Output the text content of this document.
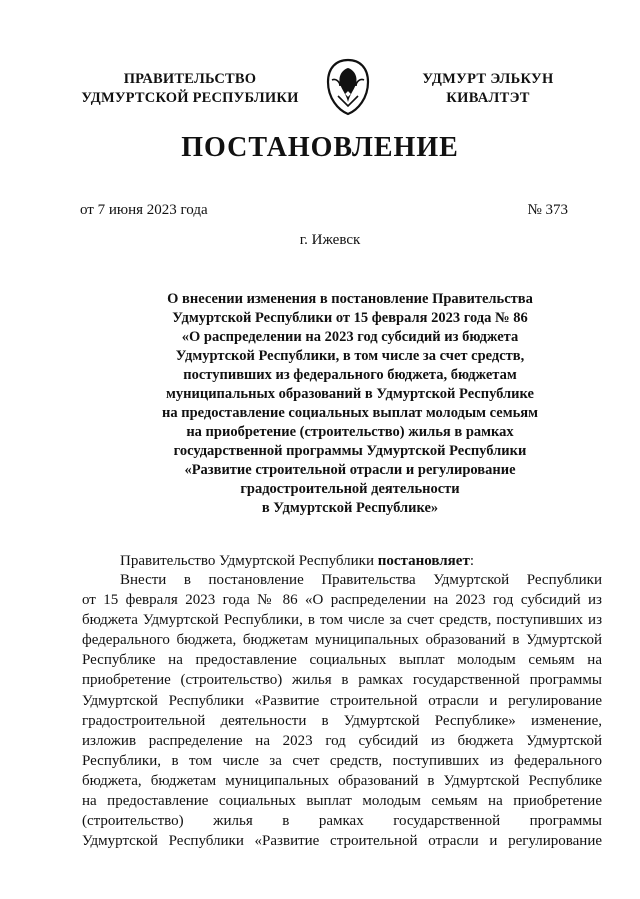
ПРАВИТЕЛЬСТВО
УДМУРТСКОЙ РЕСПУБЛИКИ
УДМУРТ ЭЛЬКУН
КИВАЛТЭТ
ПОСТАНОВЛЕНИЕ
от 7 июня 2023 года	№ 373
г. Ижевск
О внесении изменения в постановление Правительства
Удмуртской Республики от 15 февраля 2023 года № 86
«О распределении на 2023 год субсидий из бюджета
Удмуртской Республики, в том числе за счет средств,
поступивших из федерального бюджета, бюджетам
муниципальных образований в Удмуртской Республике
на предоставление социальных выплат молодым семьям
на приобретение (строительство) жилья в рамках
государственной программы Удмуртской Республики
«Развитие строительной отрасли и регулирование
градостроительной деятельности
в Удмуртской Республике»
Правительство Удмуртской Республики постановляет:
Внести в постановление Правительства Удмуртской Республики
от 15 февраля 2023 года № 86 «О распределении на 2023 год субсидий из
бюджета Удмуртской Республики, в том числе за счет средств, поступивших из
федерального бюджета, бюджетам муниципальных образований в Удмуртской
Республике на предоставление социальных выплат молодым семьям на
приобретение (строительство) жилья в рамках государственной программы
Удмуртской Республики «Развитие строительной отрасли и регулирование
градостроительной деятельности в Удмуртской Республике» изменение,
изложив распределение на 2023 год субсидий из бюджета Удмуртской
Республики, в том числе за счет средств, поступивших из федерального
бюджета, бюджетам муниципальных образований в Удмуртской Республике
на предоставление социальных выплат молодым семьям на приобретение
(строительство) жилья в рамках государственной программы
Удмуртской Республики «Развитие строительной отрасли и регулирование
